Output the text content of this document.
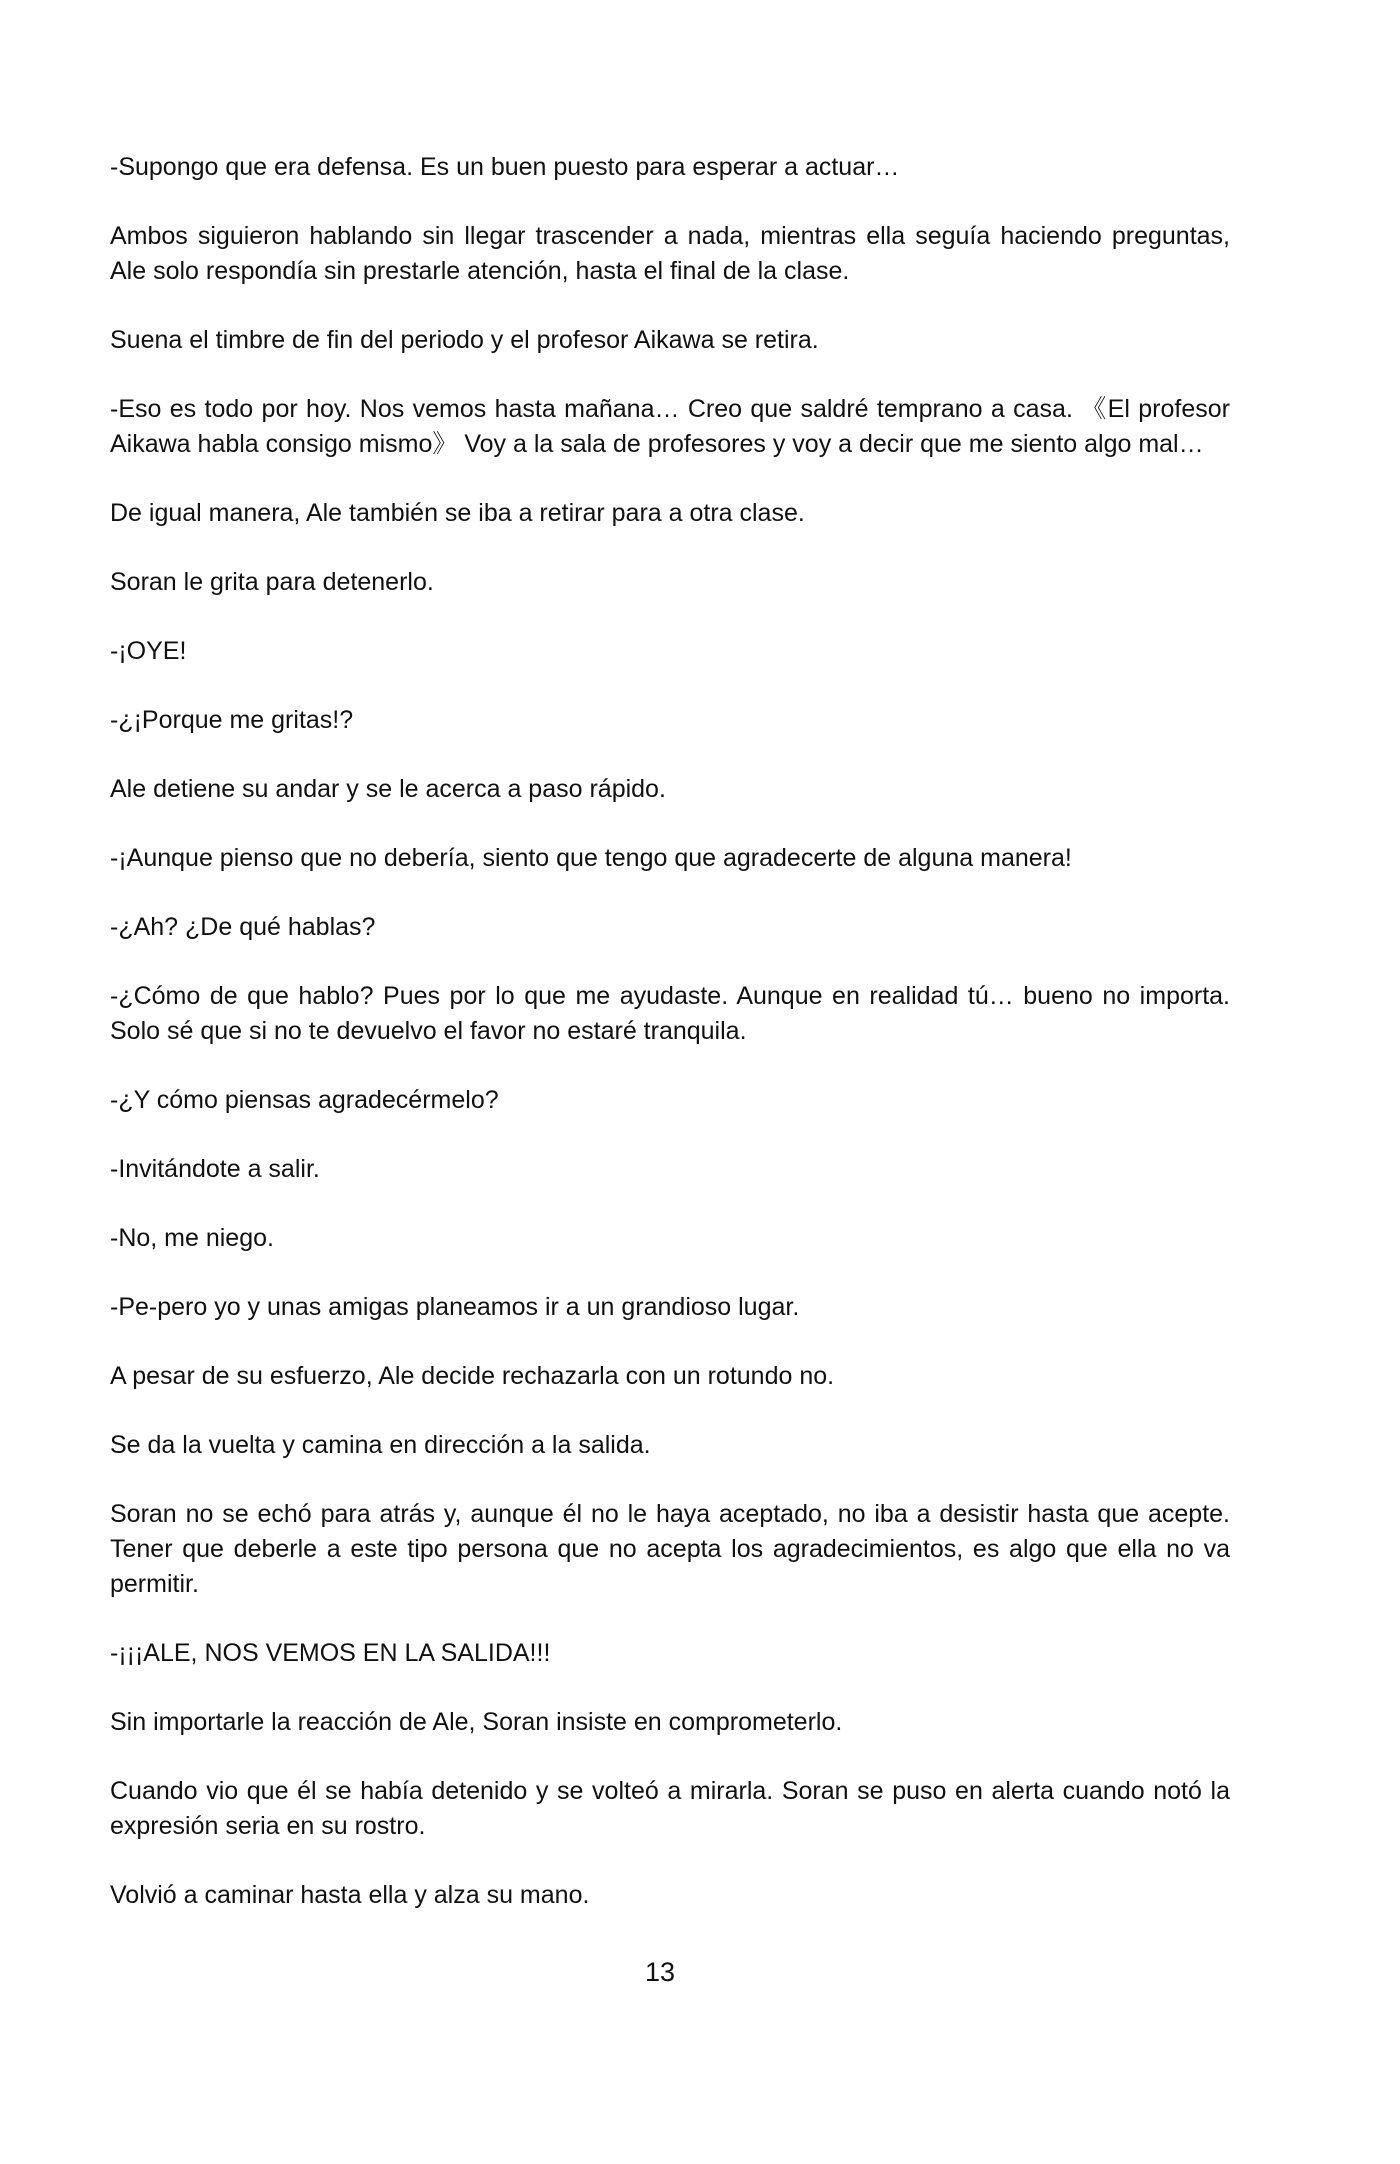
-Supongo que era defensa. Es un buen puesto para esperar a actuar…

Ambos siguieron hablando sin llegar trascender a nada, mientras ella seguía haciendo preguntas, Ale solo respondía sin prestarle atención, hasta el final de la clase.

Suena el timbre de fin del periodo y el profesor Aikawa se retira.

-Eso es todo por hoy. Nos vemos hasta mañana… Creo que saldré temprano a casa. 《El profesor Aikawa habla consigo mismo》 Voy a la sala de profesores y voy a decir que me siento algo mal…

De igual manera, Ale también se iba a retirar para a otra clase.

Soran le grita para detenerlo.

-¡OYE!

-¿¡Porque me gritas!?

Ale detiene su andar y se le acerca a paso rápido.

-¡Aunque pienso que no debería, siento que tengo que agradecerte de alguna manera!

-¿Ah? ¿De qué hablas?

-¿Cómo de que hablo? Pues por lo que me ayudaste. Aunque en realidad tú… bueno no importa. Solo sé que si no te devuelvo el favor no estaré tranquila.

-¿Y cómo piensas agradecérmelo?

-Invitándote a salir.

-No, me niego.

-Pe-pero yo y unas amigas planeamos ir a un grandioso lugar.

A pesar de su esfuerzo, Ale decide rechazarla con un rotundo no.

Se da la vuelta y camina en dirección a la salida.

Soran no se echó para atrás y, aunque él no le haya aceptado, no iba a desistir hasta que acepte. Tener que deberle a este tipo persona que no acepta los agradecimientos, es algo que ella no va permitir.

-¡¡¡ALE, NOS VEMOS EN LA SALIDA!!!

Sin importarle la reacción de Ale, Soran insiste en comprometerlo.

Cuando vio que él se había detenido y se volteó a mirarla. Soran se puso en alerta cuando notó la expresión seria en su rostro.

Volvió a caminar hasta ella y alza su mano.

13
